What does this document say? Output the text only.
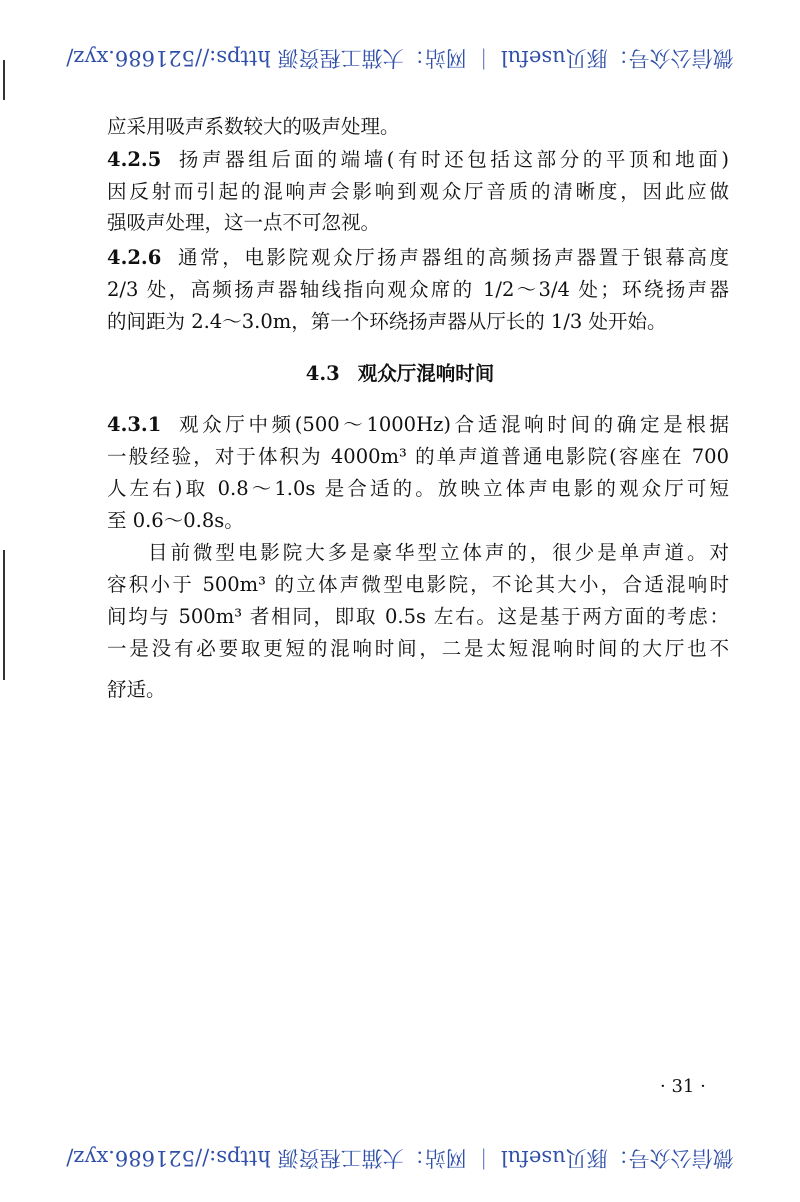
微信公众号：豚贝useful ｜ 网站：大猫工程资源 https://521686.xyz/
应采用吸声系数较大的吸声处理。
4.2.5 扬声器组后面的端墙(有时还包括这部分的平顶和地面)
因反射而引起的混响声会影响到观众厅音质的清晰度，因此应做
强吸声处理，这一点不可忽视。
4.2.6 通常，电影院观众厅扬声器组的高频扬声器置于银幕高度
2/3 处，高频扬声器轴线指向观众席的 1/2～3/4 处；环绕扬声器
的间距为 2.4～3.0m，第一个环绕扬声器从厅长的 1/3 处开始。
4.3 观众厅混响时间
4.3.1 观众厅中频(500～1000Hz)合适混响时间的确定是根据
一般经验，对于体积为 4000m³ 的单声道普通电影院(容座在 700
人左右)取 0.8～1.0s 是合适的。放映立体声电影的观众厅可短
至 0.6～0.8s。
目前微型电影院大多是豪华型立体声的，很少是单声道。对
容积小于 500m³ 的立体声微型电影院，不论其大小，合适混响时
间均与 500m³ 者相同，即取 0.5s 左右。这是基于两方面的考虑：
一是没有必要取更短的混响时间，二是太短混响时间的大厅也不
舒适。
· 31 ·
微信公众号：豚贝useful ｜ 网站：大猫工程资源 https://521686.xyz/
